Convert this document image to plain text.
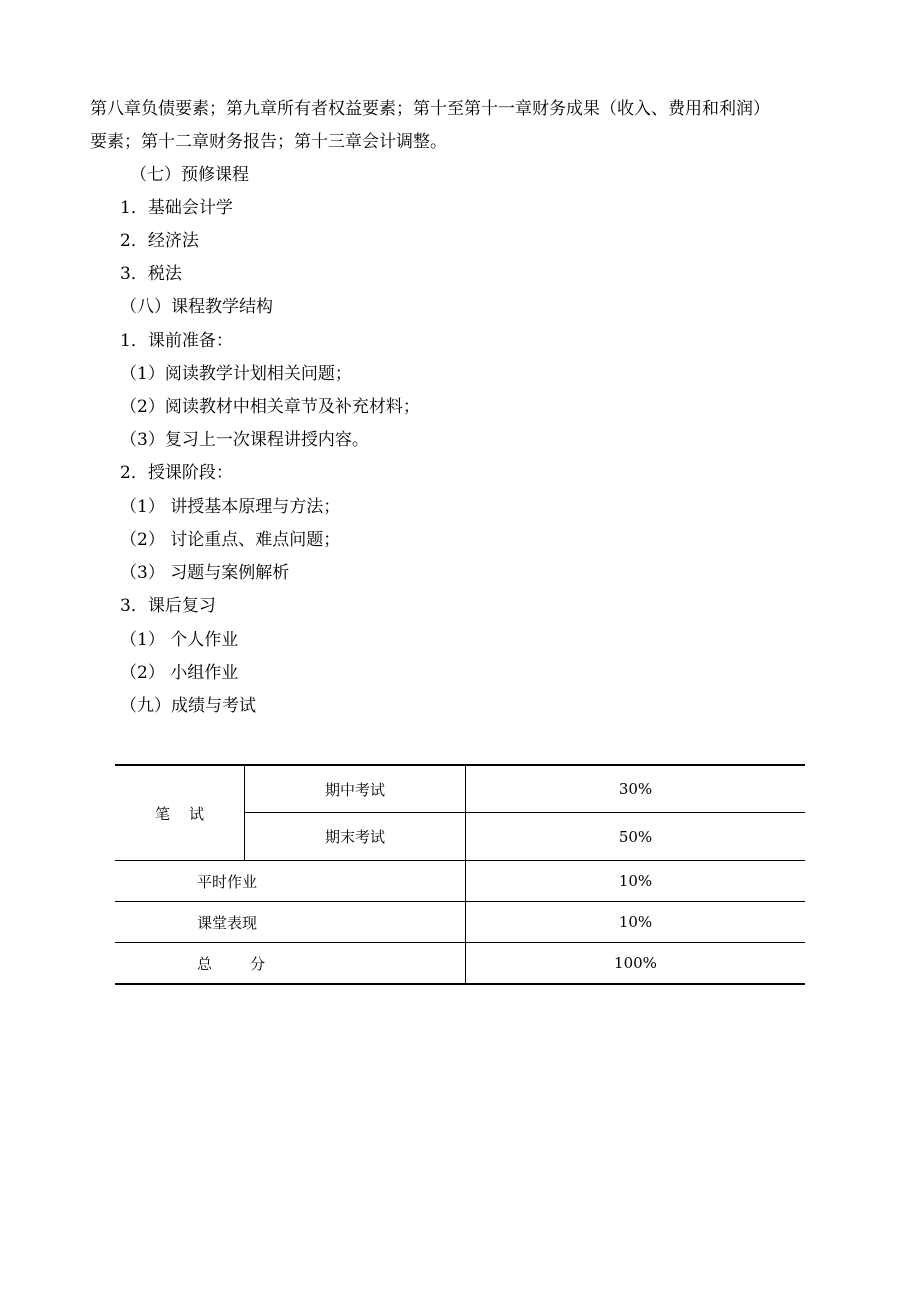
第八章负债要素；第九章所有者权益要素；第十至第十一章财务成果（收入、费用和利润）
要素；第十二章财务报告；第十三章会计调整。
（七）预修课程
1．基础会计学
2．经济法
3．税法
（八）课程教学结构
1．课前准备：
（1）阅读教学计划相关问题；
（2）阅读教材中相关章节及补充材料；
（3）复习上一次课程讲授内容。
2．授课阶段：
（1） 讲授基本原理与方法；
（2） 讨论重点、难点问题；
（3） 习题与案例解析
3．课后复习
（1） 个人作业
（2） 小组作业
（九）成绩与考试
笔    试	期中考试	30%
	期末考试	50%
平时作业		10%
课堂表现		10%
总        分		100%
